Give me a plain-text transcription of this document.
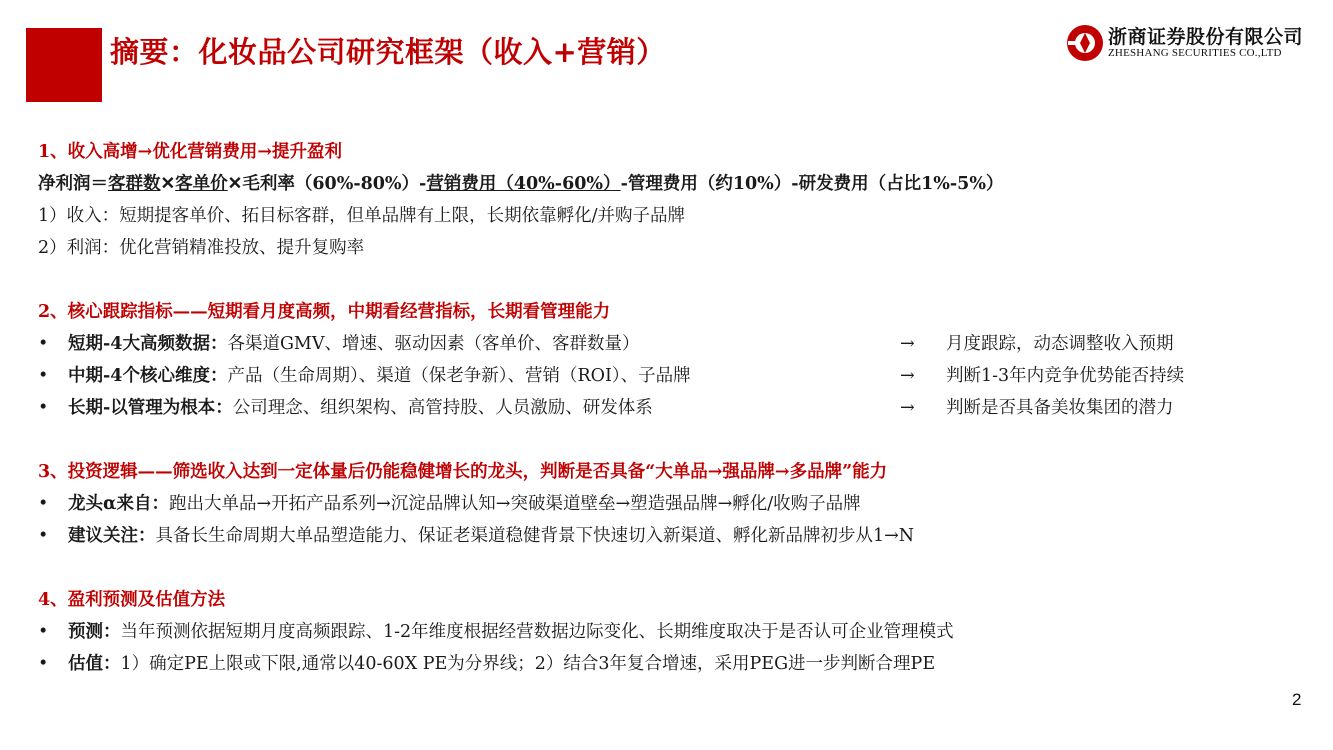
摘要：化妆品公司研究框架（收入+营销）	浙商证券股份有限公司
ZHESHANG SECURITIES CO.,LTD
1、收入高增→优化营销费用→提升盈利
净利润＝客群数✕客单价✕毛利率（60%-80%）-营销费用（40%-60%）-管理费用（约10%）-研发费用（占比1%-5%）
1）收入：短期提客单价、拓目标客群，但单品牌有上限，长期依靠孵化/并购子品牌
2）利润：优化营销精准投放、提升复购率
2、核心跟踪指标——短期看月度高频，中期看经营指标，长期看管理能力
• 短期-4大高频数据：各渠道GMV、增速、驱动因素（客单价、客群数量）	→ 月度跟踪，动态调整收入预期
• 中期-4个核心维度：产品（生命周期）、渠道（保老争新）、营销（ROI）、子品牌	→ 判断1-3年内竞争优势能否持续
• 长期-以管理为根本：公司理念、组织架构、高管持股、人员激励、研发体系	→ 判断是否具备美妆集团的潜力
3、投资逻辑——筛选收入达到一定体量后仍能稳健增长的龙头，判断是否具备“大单品→强品牌→多品牌”能力
• 龙头α来自：跑出大单品→开拓产品系列→沉淀品牌认知→突破渠道壁垒→塑造强品牌→孵化/收购子品牌
• 建议关注：具备长生命周期大单品塑造能力、保证老渠道稳健背景下快速切入新渠道、孵化新品牌初步从1→N
4、盈利预测及估值方法
• 预测：当年预测依据短期月度高频跟踪、1-2年维度根据经营数据边际变化、长期维度取决于是否认可企业管理模式
• 估值：1）确定PE上限或下限,通常以40-60X PE为分界线；2）结合3年复合增速，采用PEG进一步判断合理PE
2
